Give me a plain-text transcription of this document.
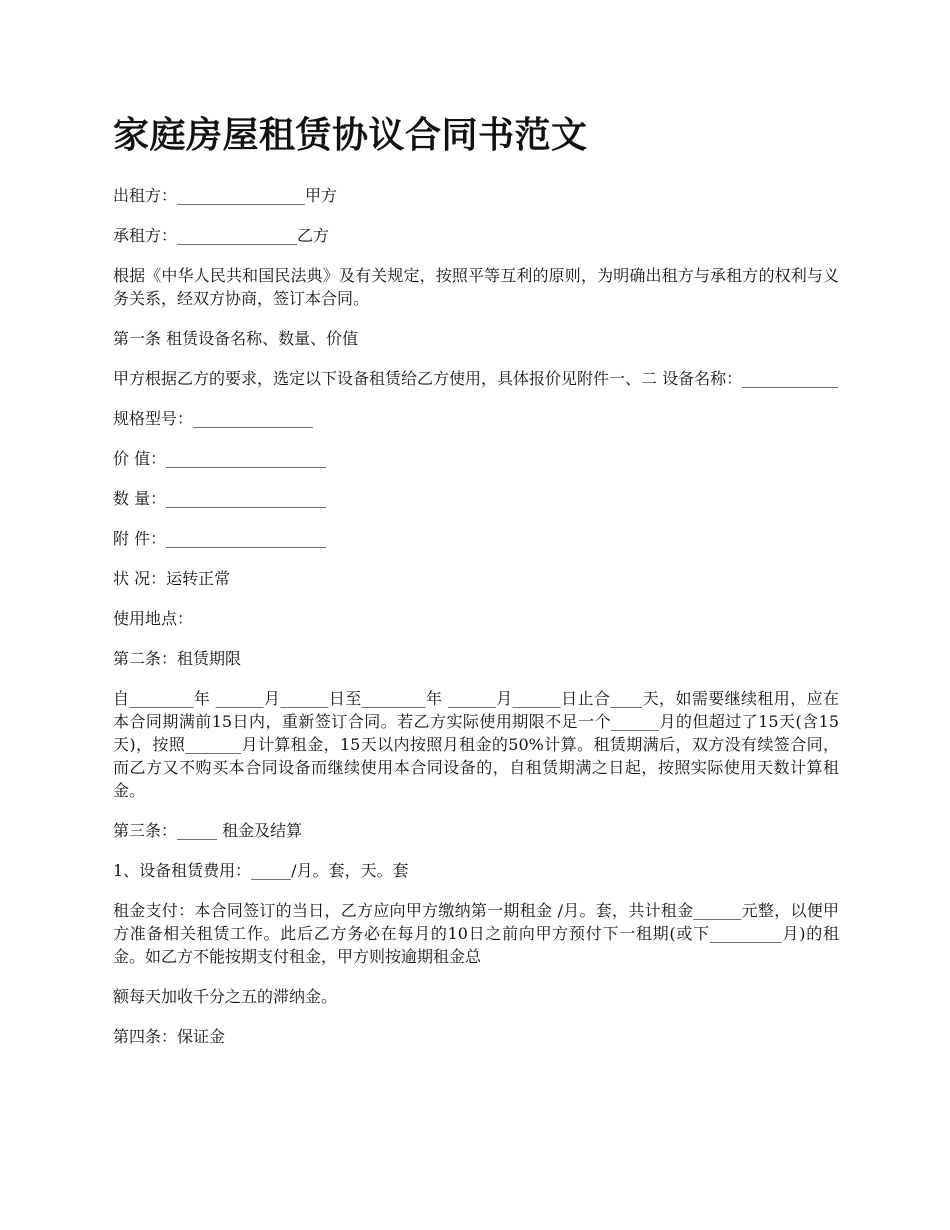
家庭房屋租赁协议合同书范文

出租方：________________甲方

承租方：_______________乙方

根据《中华人民共和国民法典》及有关规定，按照平等互利的原则，为明确出租方与承租方的权利与义务关系，经双方协商，签订本合同。

第一条 租赁设备名称、数量、价值

甲方根据乙方的要求，选定以下设备租赁给乙方使用，具体报价见附件一、二 设备名称：____________

规格型号：_______________

价 值：____________________

数 量：____________________

附 件：____________________

状 况：运转正常

使用地点：

第二条：租赁期限

自________年 ______月______日至________年 ______月______日止合____天，如需要继续租用，应在本合同期满前15日内，重新签订合同。若乙方实际使用期限不足一个______月的但超过了15天(含15天)，按照_______月计算租金，15天以内按照月租金的50%计算。租赁期满后，双方没有续签合同，而乙方又不购买本合同设备而继续使用本合同设备的，自租赁期满之日起，按照实际使用天数计算租金。

第三条：_____ 租金及结算

1、设备租赁费用：_____/月。套，天。套

租金支付：本合同签订的当日，乙方应向甲方缴纳第一期租金 /月。套，共计租金______元整，以便甲方准备相关租赁工作。此后乙方务必在每月的10日之前向甲方预付下一租期(或下_________月)的租金。如乙方不能按期支付租金，甲方则按逾期租金总

额每天加收千分之五的滞纳金。

第四条：保证金
